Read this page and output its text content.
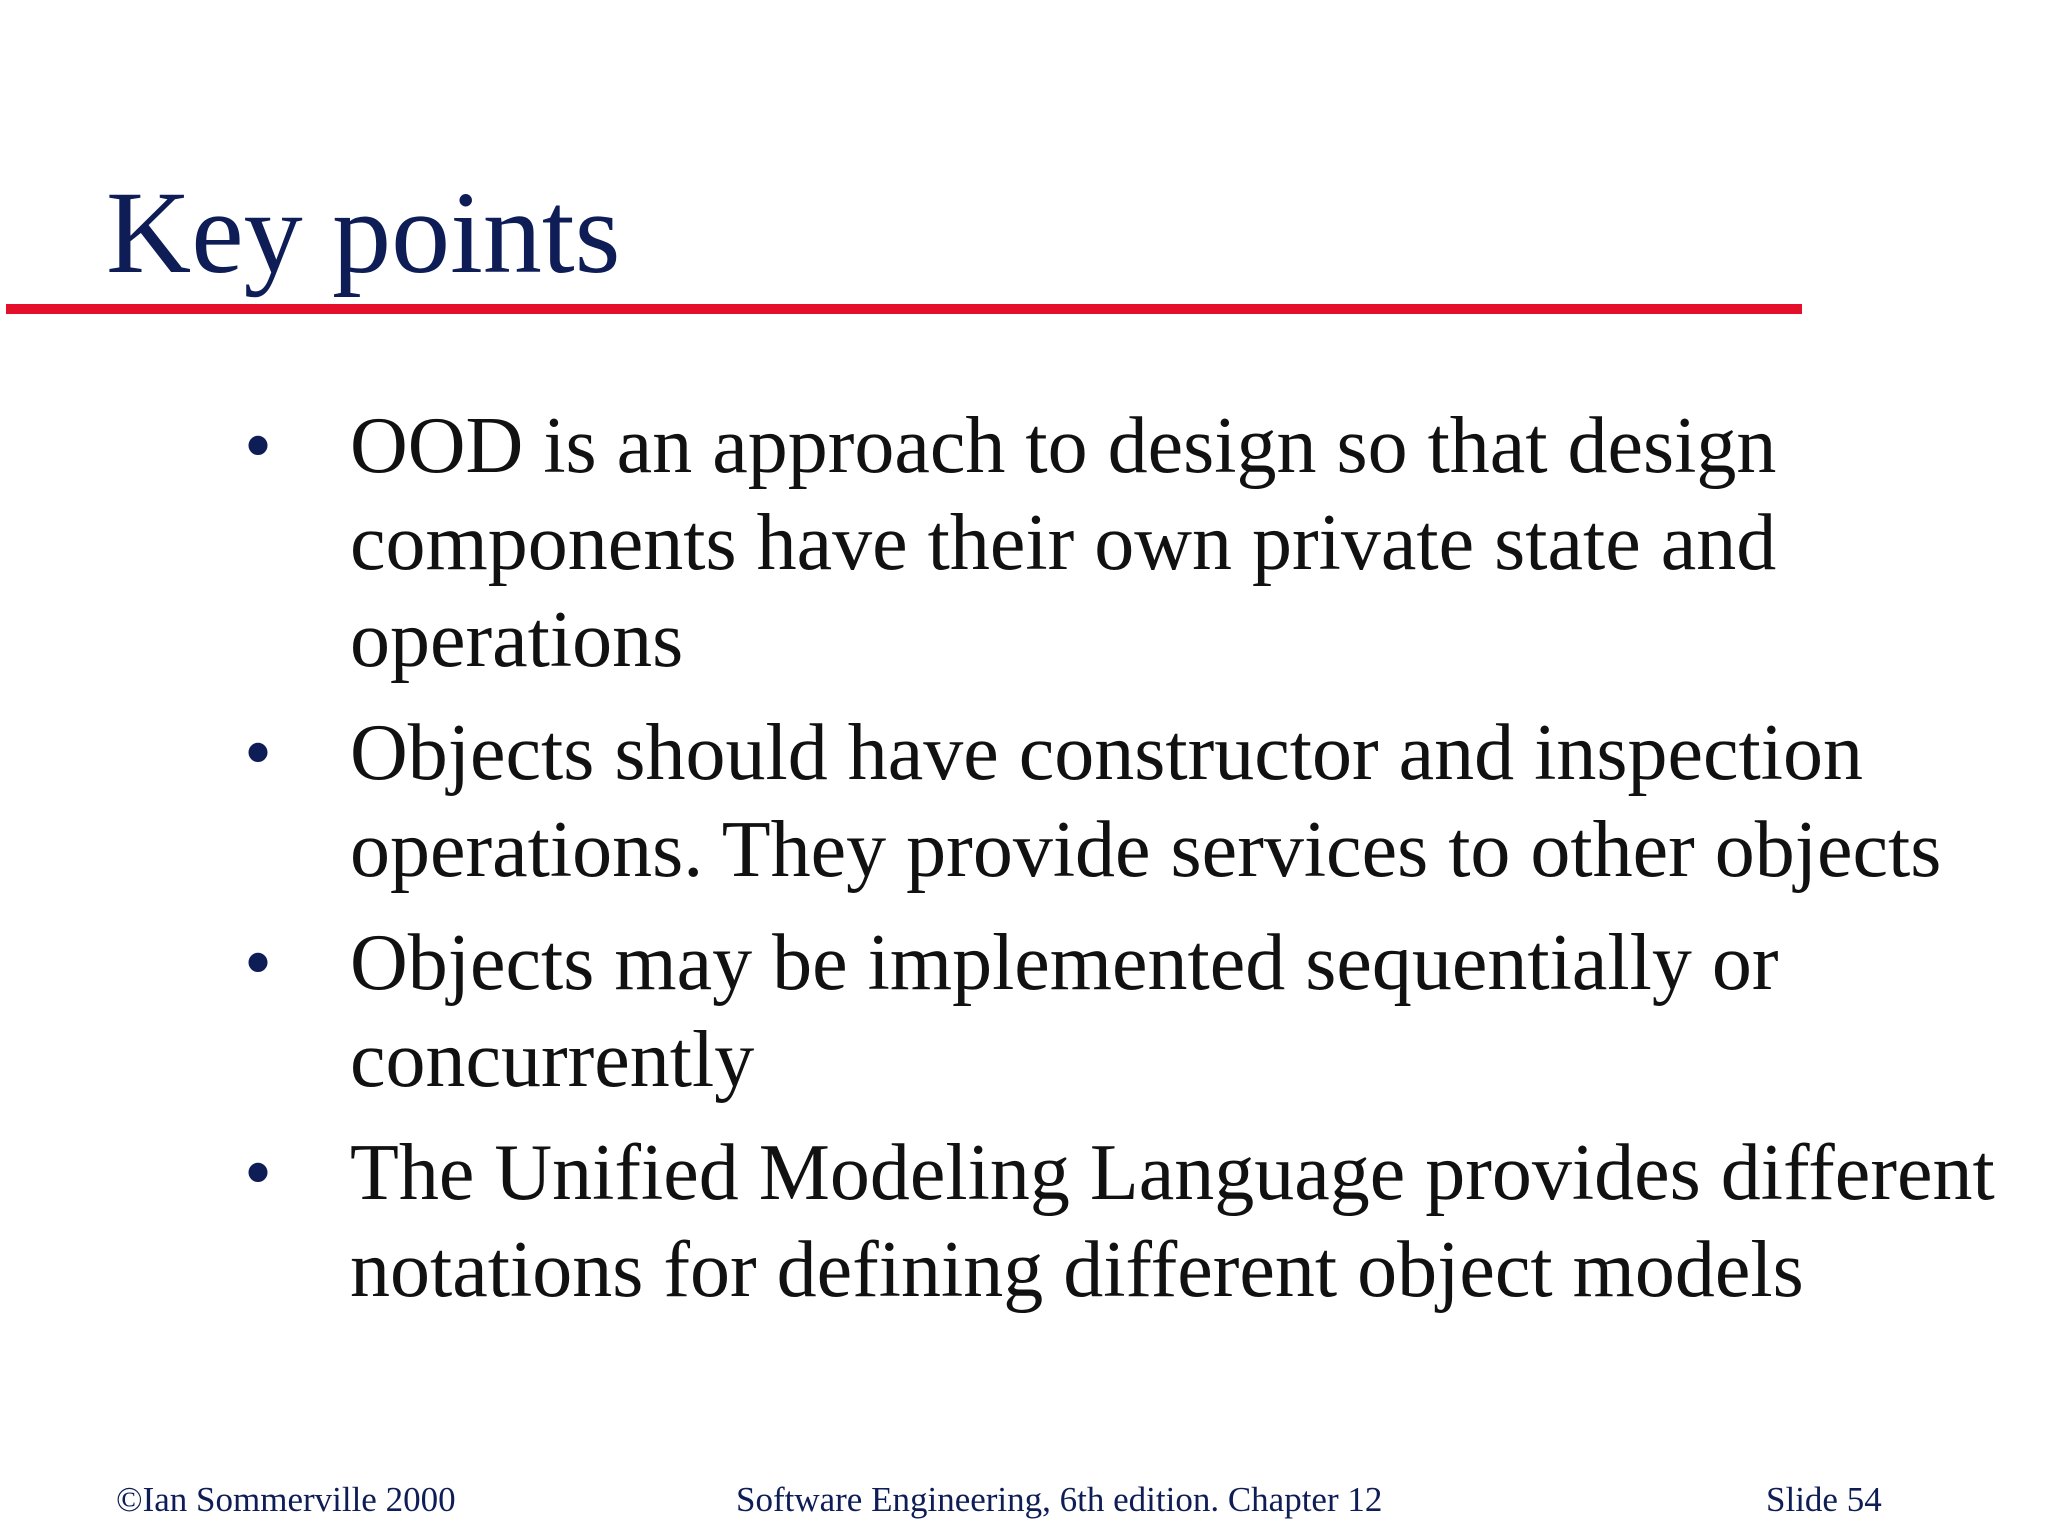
Key points
• OOD is an approach to design so that design components have their own private state and operations
• Objects should have constructor and inspection operations. They provide services to other objects
• Objects may be implemented sequentially or concurrently
• The Unified Modeling Language provides different notations for defining different object models
©Ian Sommerville 2000	Software Engineering, 6th edition. Chapter 12	Slide 54
